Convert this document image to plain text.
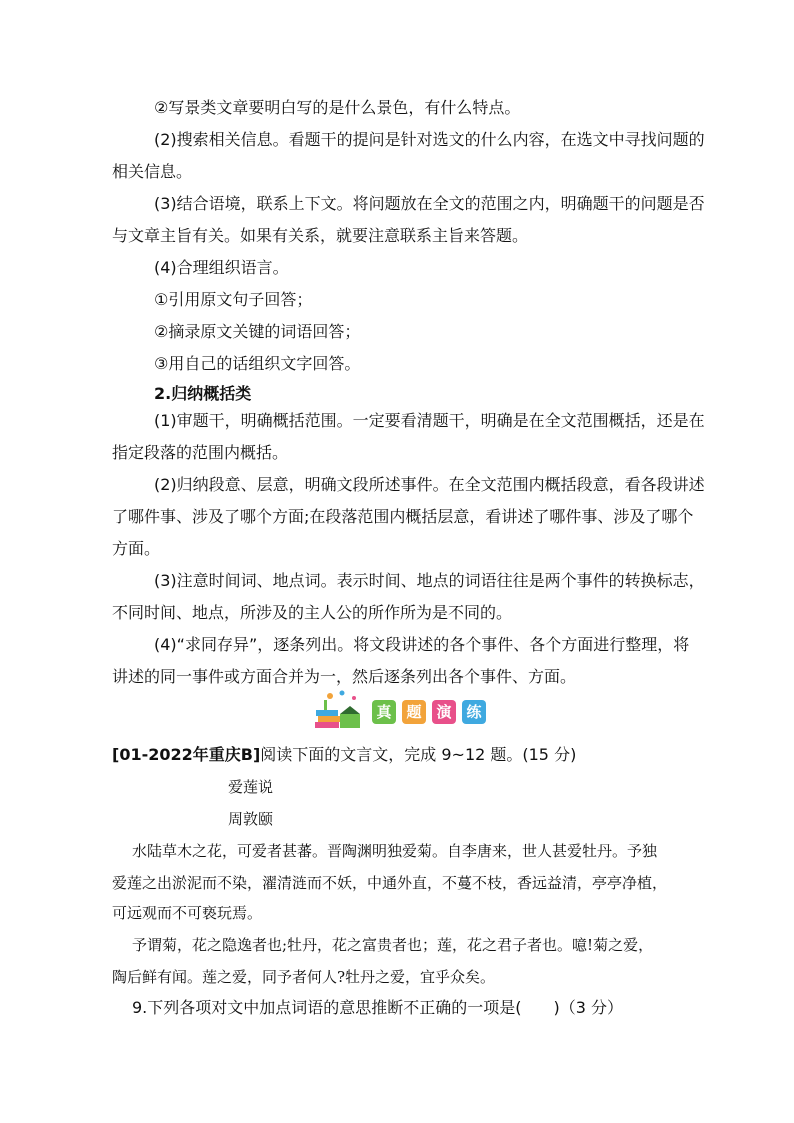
②写景类文章要明白写的是什么景色，有什么特点。
(2)搜索相关信息。看题干的提问是针对选文的什么内容，在选文中寻找问题的
相关信息。
(3)结合语境，联系上下文。将问题放在全文的范围之内，明确题干的问题是否
与文章主旨有关。如果有关系，就要注意联系主旨来答题。
(4)合理组织语言。
①引用原文句子回答；
②摘录原文关键的词语回答；
③用自己的话组织文字回答。
2.归纳概括类
(1)审题干，明确概括范围。一定要看清题干，明确是在全文范围概括，还是在
指定段落的范围内概括。
(2)归纳段意、层意，明确文段所述事件。在全文范围内概括段意，看各段讲述
了哪件事、涉及了哪个方面;在段落范围内概括层意，看讲述了哪件事、涉及了哪个
方面。
(3)注意时间词、地点词。表示时间、地点的词语往往是两个事件的转换标志，
不同时间、地点，所涉及的主人公的所作所为是不同的。
(4)“求同存异”，逐条列出。将文段讲述的各个事件、各个方面进行整理，将
讲述的同一事件或方面合并为一，然后逐条列出各个事件、方面。
真 题 演 练
[01-2022年重庆B]阅读下面的文言文，完成 9~12 题。(15 分)
爱莲说
周敦颐
水陆草木之花，可爱者甚蕃。晋陶渊明独爱菊。自李唐来，世人甚爱牡丹。予独
爱莲之出淤泥而不染，濯清涟而不妖，中通外直，不蔓不枝，香远益清，亭亭净植，
可远观而不可亵玩焉。
予谓菊，花之隐逸者也;牡丹，花之富贵者也；莲，花之君子者也。噫!菊之爱，
陶后鲜有闻。莲之爱，同予者何人?牡丹之爱，宜乎众矣。
9.下列各项对文中加点词语的意思推断不正确的一项是(　　)（3 分）
